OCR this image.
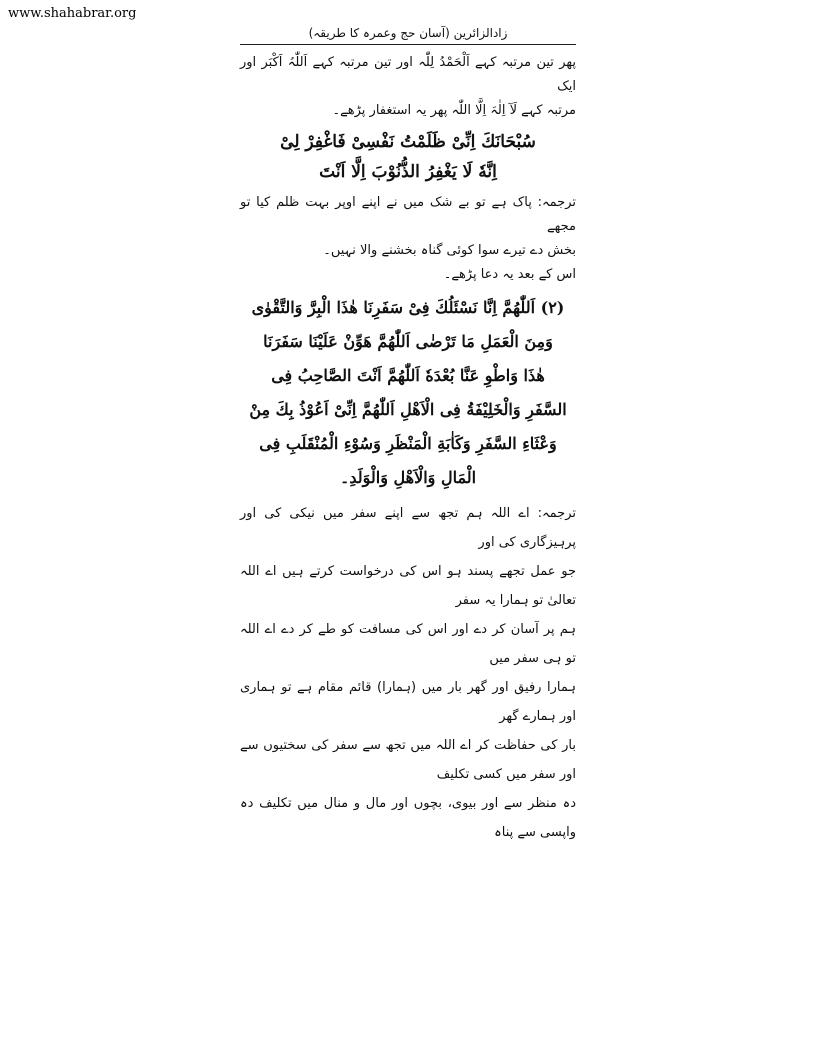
www.shahabrar.org
زادالزائرین (آسان حج وعمرہ کا طریقہ)

پھر تین مرتبہ کہے اَلْحَمْدُ لِلّٰہ اور تین مرتبہ کہے اَللّٰہُ اَکْبَر اور ایک
مرتبہ کہے لَآ اِلٰہَ اِلَّا اللّٰہ پھر یہ استغفار پڑھے۔

سُبْحَانَكَ اِنِّیْ ظَلَمْتُ نَفْسِیْ فَاغْفِرْ لِیْ
اِنَّهٗ لَا یَغْفِرُ الذُّنُوْبَ اِلَّا اَنْتَ

ترجمہ: پاک ہے تو بے شک میں نے اپنے اوپر بہت ظلم کیا تو مجھے
بخش دے تیرے سوا کوئی گناہ بخشنے والا نہیں۔

اس کے بعد یہ دعا پڑھے۔

(۲) اَللّٰهُمَّ اِنَّا نَسْئَلُكَ فِیْ سَفَرِنَا هٰذَا الْبِرَّ وَالتَّقْوٰی
وَمِنَ الْعَمَلِ مَا تَرْضٰی اَللّٰهُمَّ هَوِّنْ عَلَیْنَا سَفَرَنَا
هٰذَا وَاطْوِ عَنَّا بُعْدَهٗ اَللّٰهُمَّ اَنْتَ الصَّاحِبُ فِی
السَّفَرِ وَالْخَلِیْفَةُ فِی الْاَهْلِ اَللّٰهُمَّ اِنِّیْ اَعُوْذُ بِكَ مِنْ
وَعْثَاءِ السَّفَرِ وَكَاٰبَةِ الْمَنْظَرِ وَسُوْءِ الْمُنْقَلَبِ فِی
الْمَالِ وَالْاَهْلِ وَالْوَلَدِ۔

ترجمہ: اے اللہ ہم تجھ سے اپنے سفر میں نیکی کی اور پرہیزگاری کی اور
جو عمل تجھے پسند ہو اس کی درخواست کرتے ہیں اے اللہ تعالیٰ تو ہمارا یہ سفر
ہم پر آسان کر دے اور اس کی مسافت کو طے کر دے اے اللہ تو ہی سفر میں
ہمارا رفیق اور گھر بار میں (ہمارا) قائم مقام ہے تو ہماری اور ہمارے گھر
بار کی حفاظت کر اے اللہ میں تجھ سے سفر کی سختیوں سے اور سفر میں کسی تکلیف
دہ منظر سے اور بیوی، بچوں اور مال و منال میں تکلیف دہ واپسی سے پناہ
